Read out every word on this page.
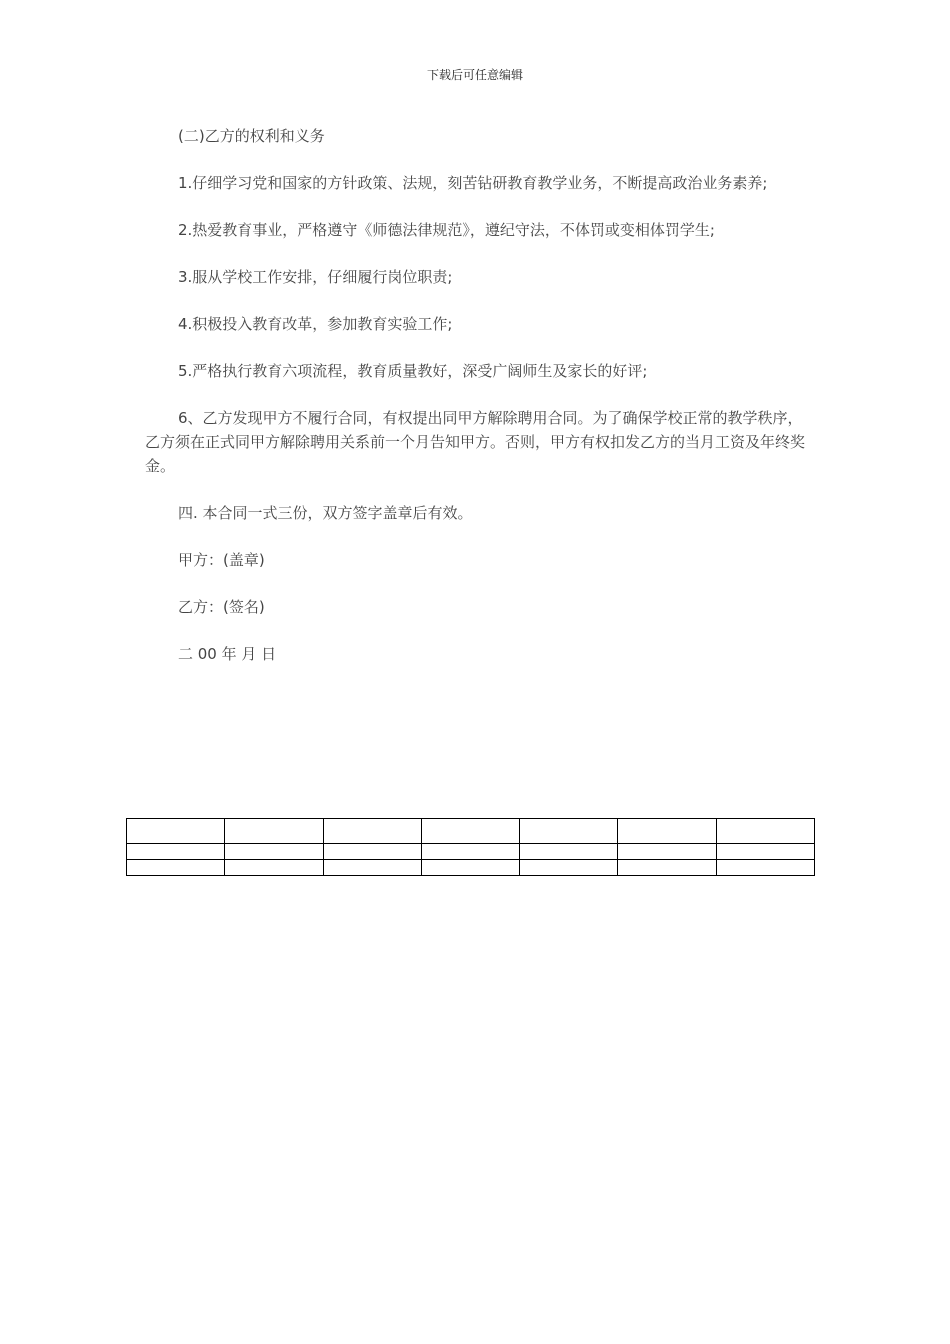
下载后可任意编辑

(二)乙方的权利和义务

1.仔细学习党和国家的方针政策、法规，刻苦钻研教育教学业务，不断提高政治业务素养;

2.热爱教育事业，严格遵守《师德法律规范》，遵纪守法，不体罚或变相体罚学生;

3.服从学校工作安排，仔细履行岗位职责;

4.积极投入教育改革，参加教育实验工作;

5.严格执行教育六项流程，教育质量教好，深受广阔师生及家长的好评;

6、乙方发现甲方不履行合同，有权提出同甲方解除聘用合同。为了确保学校正常的教学秩序，乙方须在正式同甲方解除聘用关系前一个月告知甲方。否则，甲方有权扣发乙方的当月工资及年终奖金。

四. 本合同一式三份，双方签字盖章后有效。

甲方：(盖章)

乙方：(签名)

二 00 年 月 日
